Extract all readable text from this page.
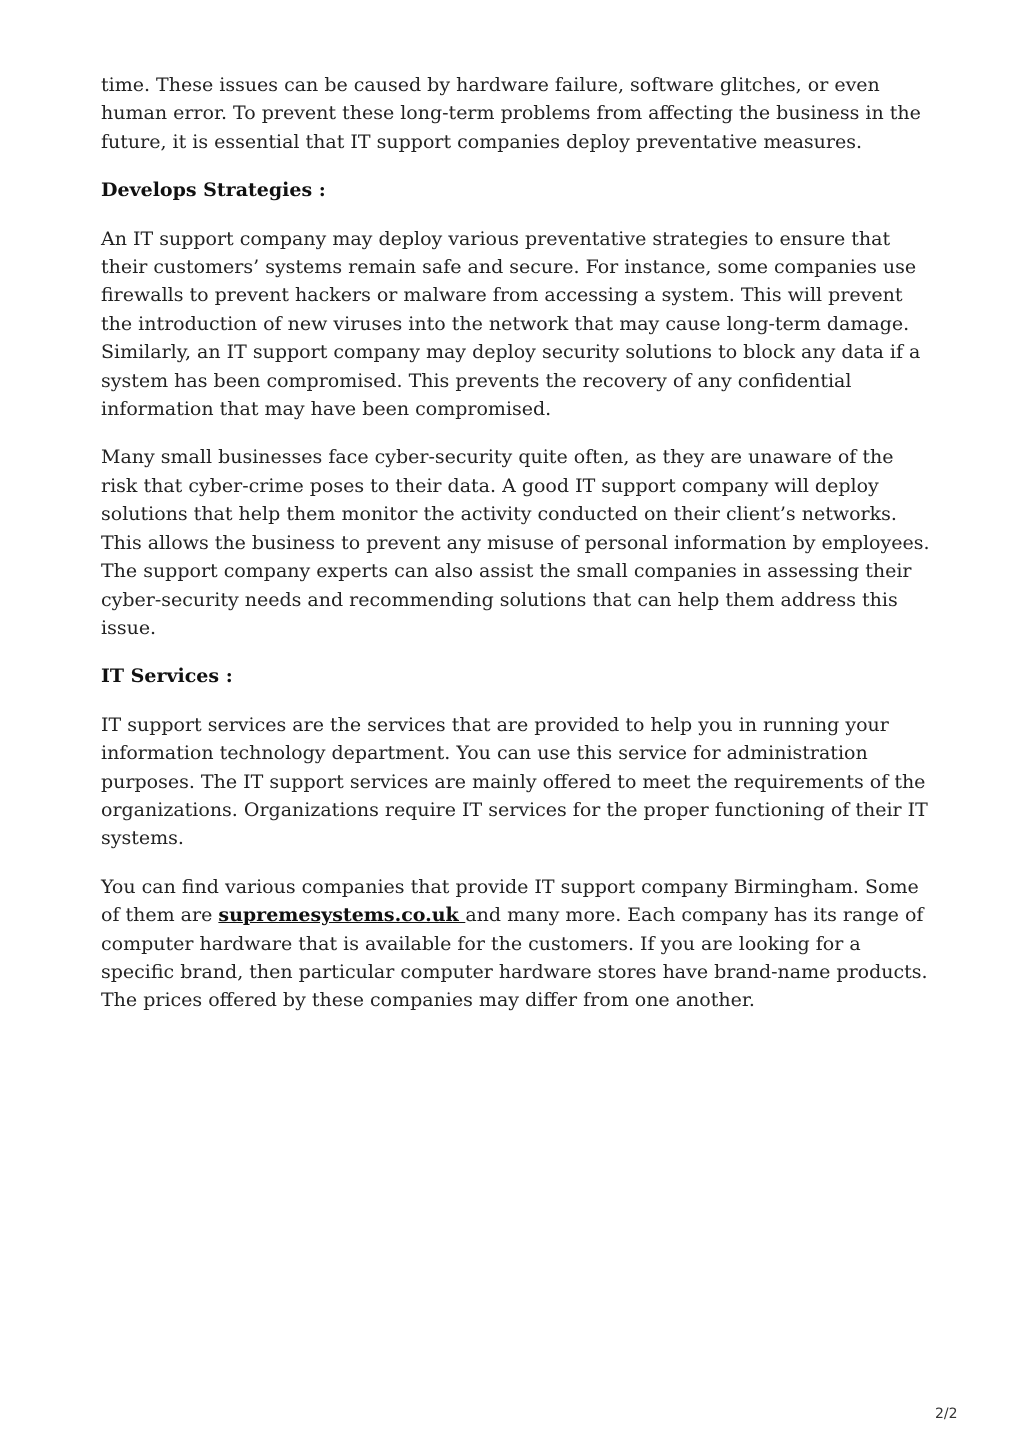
time. These issues can be caused by hardware failure, software glitches, or even human error. To prevent these long-term problems from affecting the business in the future, it is essential that IT support companies deploy preventative measures.

Develops Strategies :

An IT support company may deploy various preventative strategies to ensure that their customers’ systems remain safe and secure. For instance, some companies use firewalls to prevent hackers or malware from accessing a system. This will prevent the introduction of new viruses into the network that may cause long-term damage. Similarly, an IT support company may deploy security solutions to block any data if a system has been compromised. This prevents the recovery of any confidential information that may have been compromised.

Many small businesses face cyber-security quite often, as they are unaware of the risk that cyber-crime poses to their data. A good IT support company will deploy solutions that help them monitor the activity conducted on their client’s networks. This allows the business to prevent any misuse of personal information by employees. The support company experts can also assist the small companies in assessing their cyber-security needs and recommending solutions that can help them address this issue.

IT Services :

IT support services are the services that are provided to help you in running your information technology department. You can use this service for administration purposes. The IT support services are mainly offered to meet the requirements of the organizations. Organizations require IT services for the proper functioning of their IT systems.

You can find various companies that provide IT support company Birmingham. Some of them are supremesystems.co.uk and many more. Each company has its range of computer hardware that is available for the customers. If you are looking for a specific brand, then particular computer hardware stores have brand-name products. The prices offered by these companies may differ from one another.

2/2
